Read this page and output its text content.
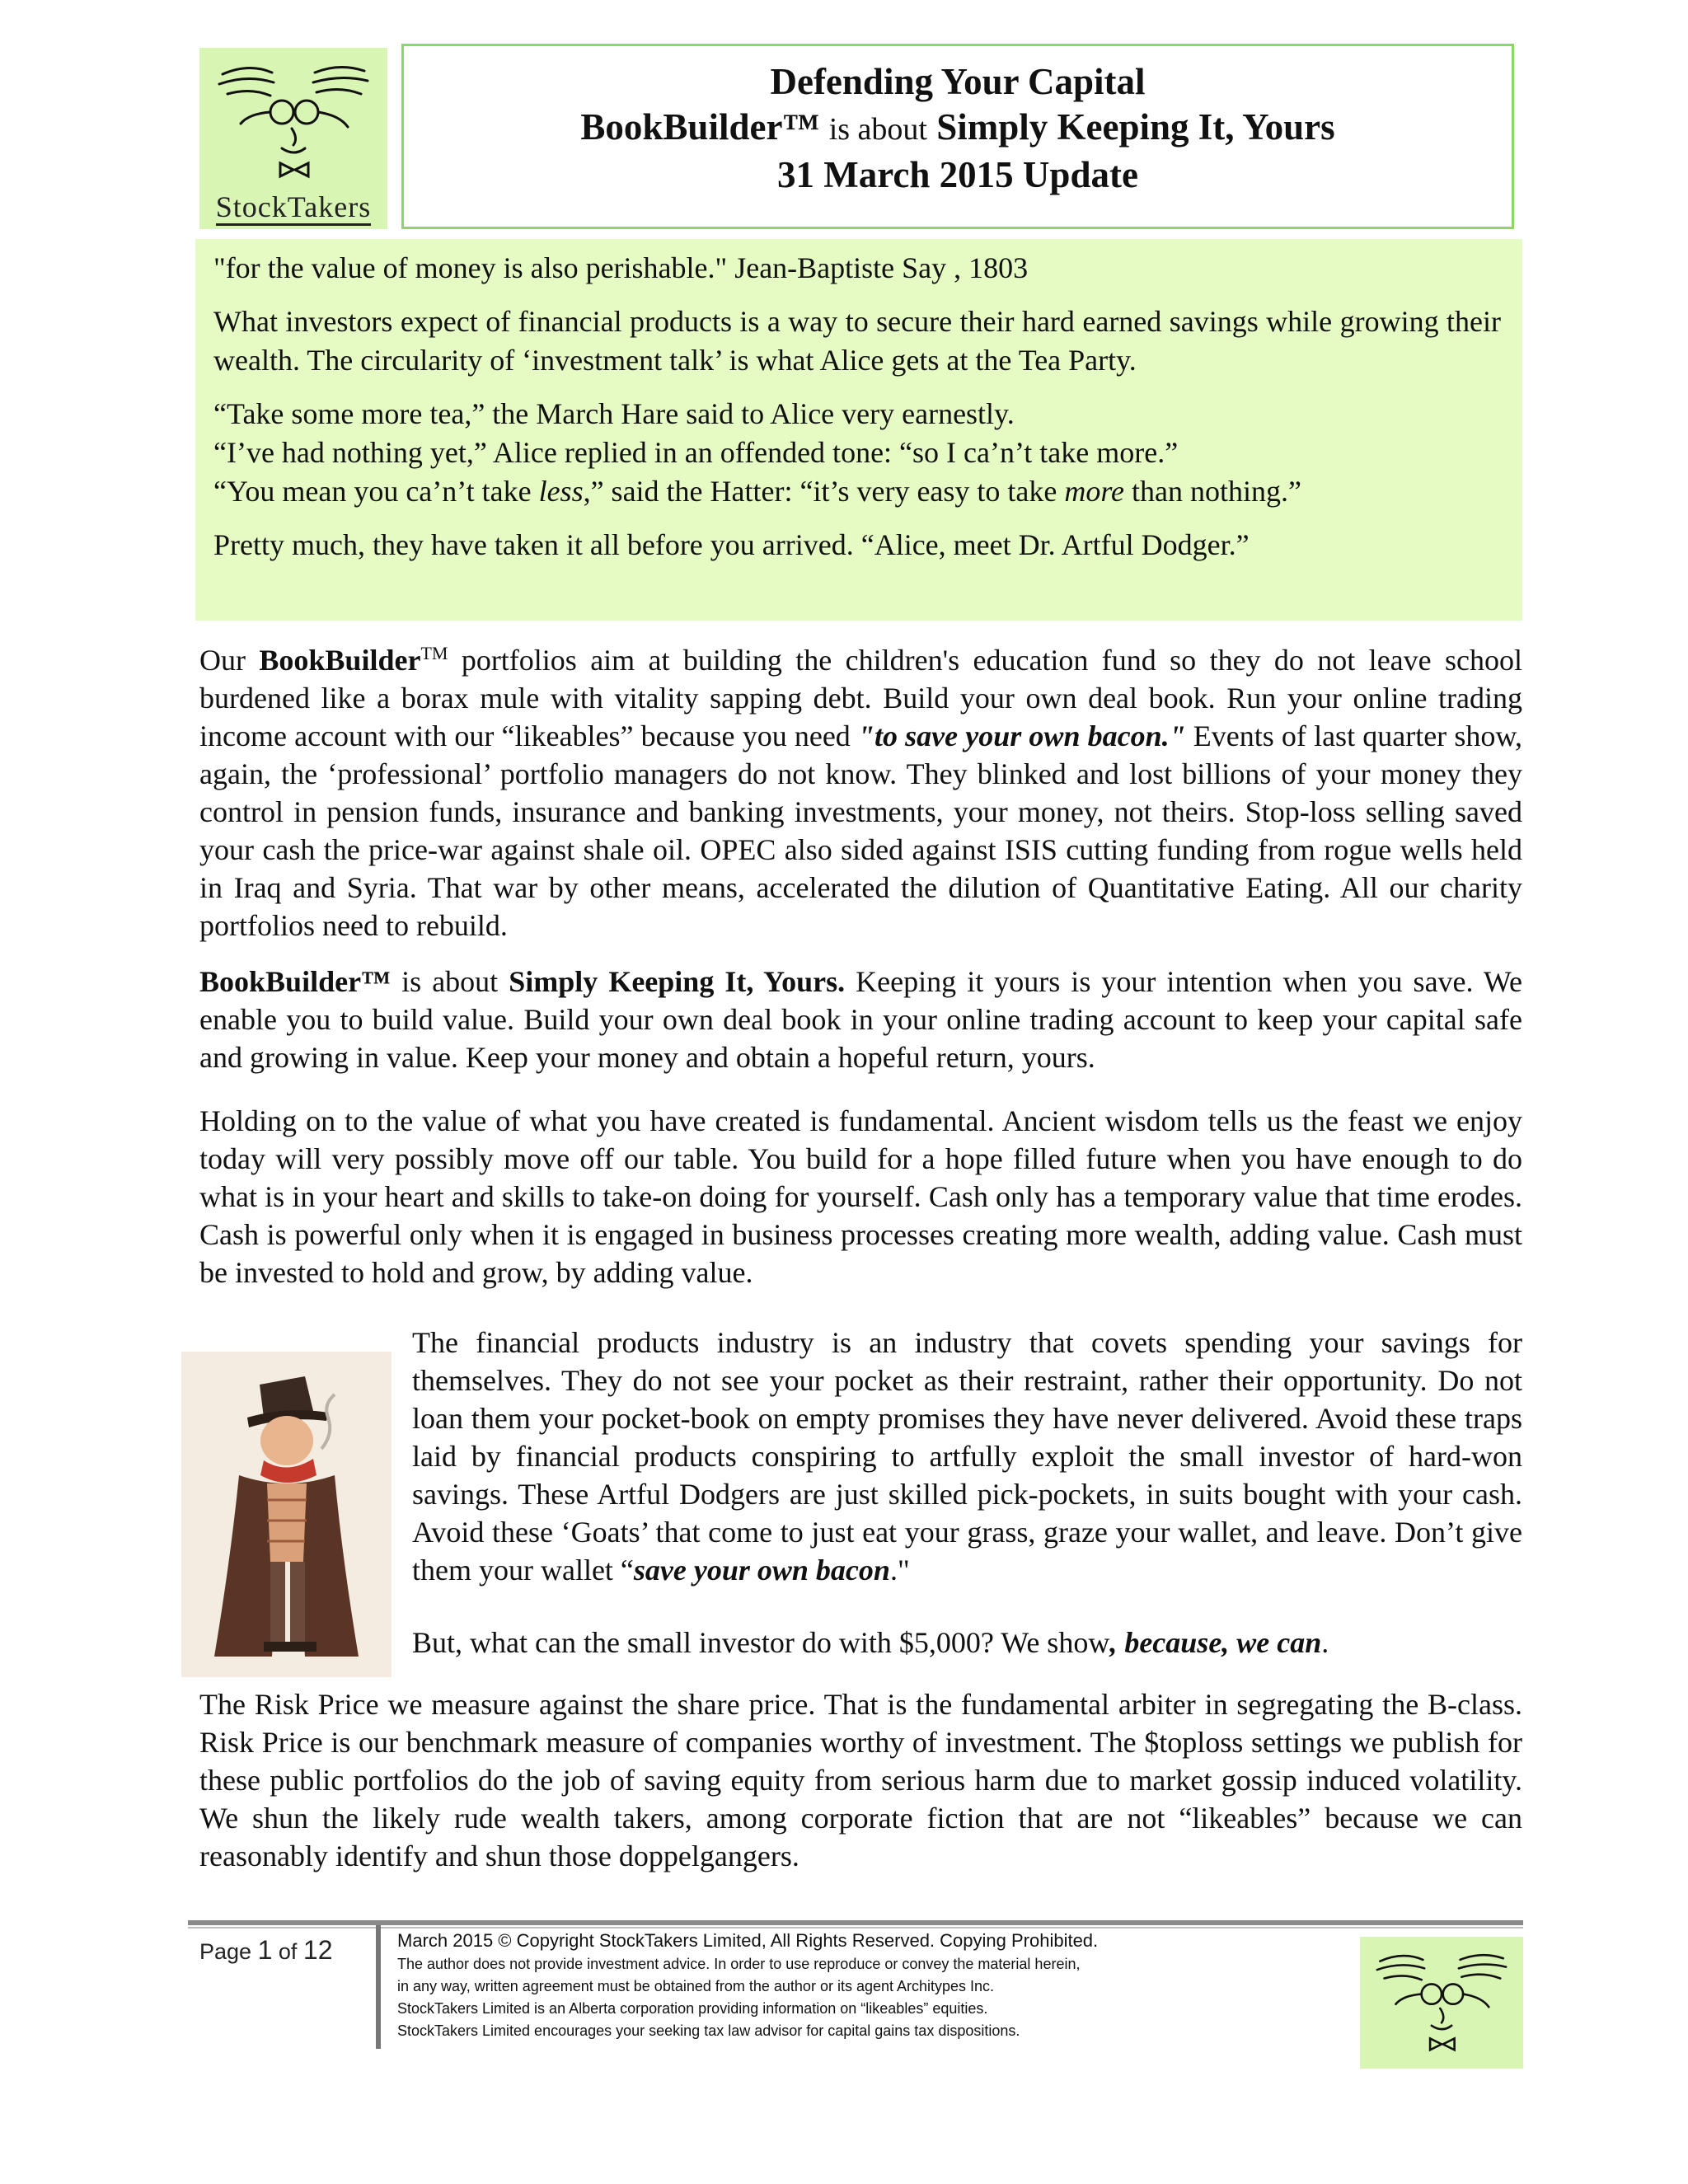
StockTakers
Defending Your Capital
BookBuilder™ is about Simply Keeping It, Yours
31 March 2015 Update

"for the value of money is also perishable." Jean-Baptiste Say , 1803

What investors expect of financial products is a way to secure their hard earned savings while growing their wealth. The circularity of ‘investment talk’ is what Alice gets at the Tea Party.

“Take some more tea,” the March Hare said to Alice very earnestly.
“I’ve had nothing yet,” Alice replied in an offended tone: “so I ca’n’t take more.”
“You mean you ca’n’t take less,” said the Hatter: “it’s very easy to take more than nothing.”

Pretty much, they have taken it all before you arrived. “Alice, meet Dr. Artful Dodger.”

Our BookBuilder™ portfolios aim at building the children's education fund so they do not leave school burdened like a borax mule with vitality sapping debt. Build your own deal book. Run your online trading income account with our “likeables” because you need "to save your own bacon." Events of last quarter show, again, the ‘professional’ portfolio managers do not know. They blinked and lost billions of your money they control in pension funds, insurance and banking investments, your money, not theirs. Stop-loss selling saved your cash the price-war against shale oil. OPEC also sided against ISIS cutting funding from rogue wells held in Iraq and Syria. That war by other means, accelerated the dilution of Quantitative Eating. All our charity portfolios need to rebuild.

BookBuilder™ is about Simply Keeping It, Yours. Keeping it yours is your intention when you save. We enable you to build value. Build your own deal book in your online trading account to keep your capital safe and growing in value. Keep your money and obtain a hopeful return, yours.

Holding on to the value of what you have created is fundamental. Ancient wisdom tells us the feast we enjoy today will very possibly move off our table. You build for a hope filled future when you have enough to do what is in your heart and skills to take-on doing for yourself. Cash only has a temporary value that time erodes. Cash is powerful only when it is engaged in business processes creating more wealth, adding value. Cash must be invested to hold and grow, by adding value.

The financial products industry is an industry that covets spending your savings for themselves. They do not see your pocket as their restraint, rather their opportunity. Do not loan them your pocket-book on empty promises they have never delivered. Avoid these traps laid by financial products conspiring to artfully exploit the small investor of hard-won savings. These Artful Dodgers are just skilled pick-pockets, in suits bought with your cash. Avoid these ‘Goats’ that come to just eat your grass, graze your wallet, and leave. Don’t give them your wallet “save your own bacon."

But, what can the small investor do with $5,000? We show, because, we can.

The Risk Price we measure against the share price. That is the fundamental arbiter in segregating the B-class. Risk Price is our benchmark measure of companies worthy of investment. The $toploss settings we publish for these public portfolios do the job of saving equity from serious harm due to market gossip induced volatility. We shun the likely rude wealth takers, among corporate fiction that are not “likeables” because we can reasonably identify and shun those doppelgangers.

Page 1 of 12	March 2015 © Copyright StockTakers Limited, All Rights Reserved. Copying Prohibited.
The author does not provide investment advice. In order to use reproduce or convey the material herein,
in any way, written agreement must be obtained from the author or its agent Architypes Inc.
StockTakers Limited is an Alberta corporation providing information on “likeables” equities.
StockTakers Limited encourages your seeking tax law advisor for capital gains tax dispositions.
